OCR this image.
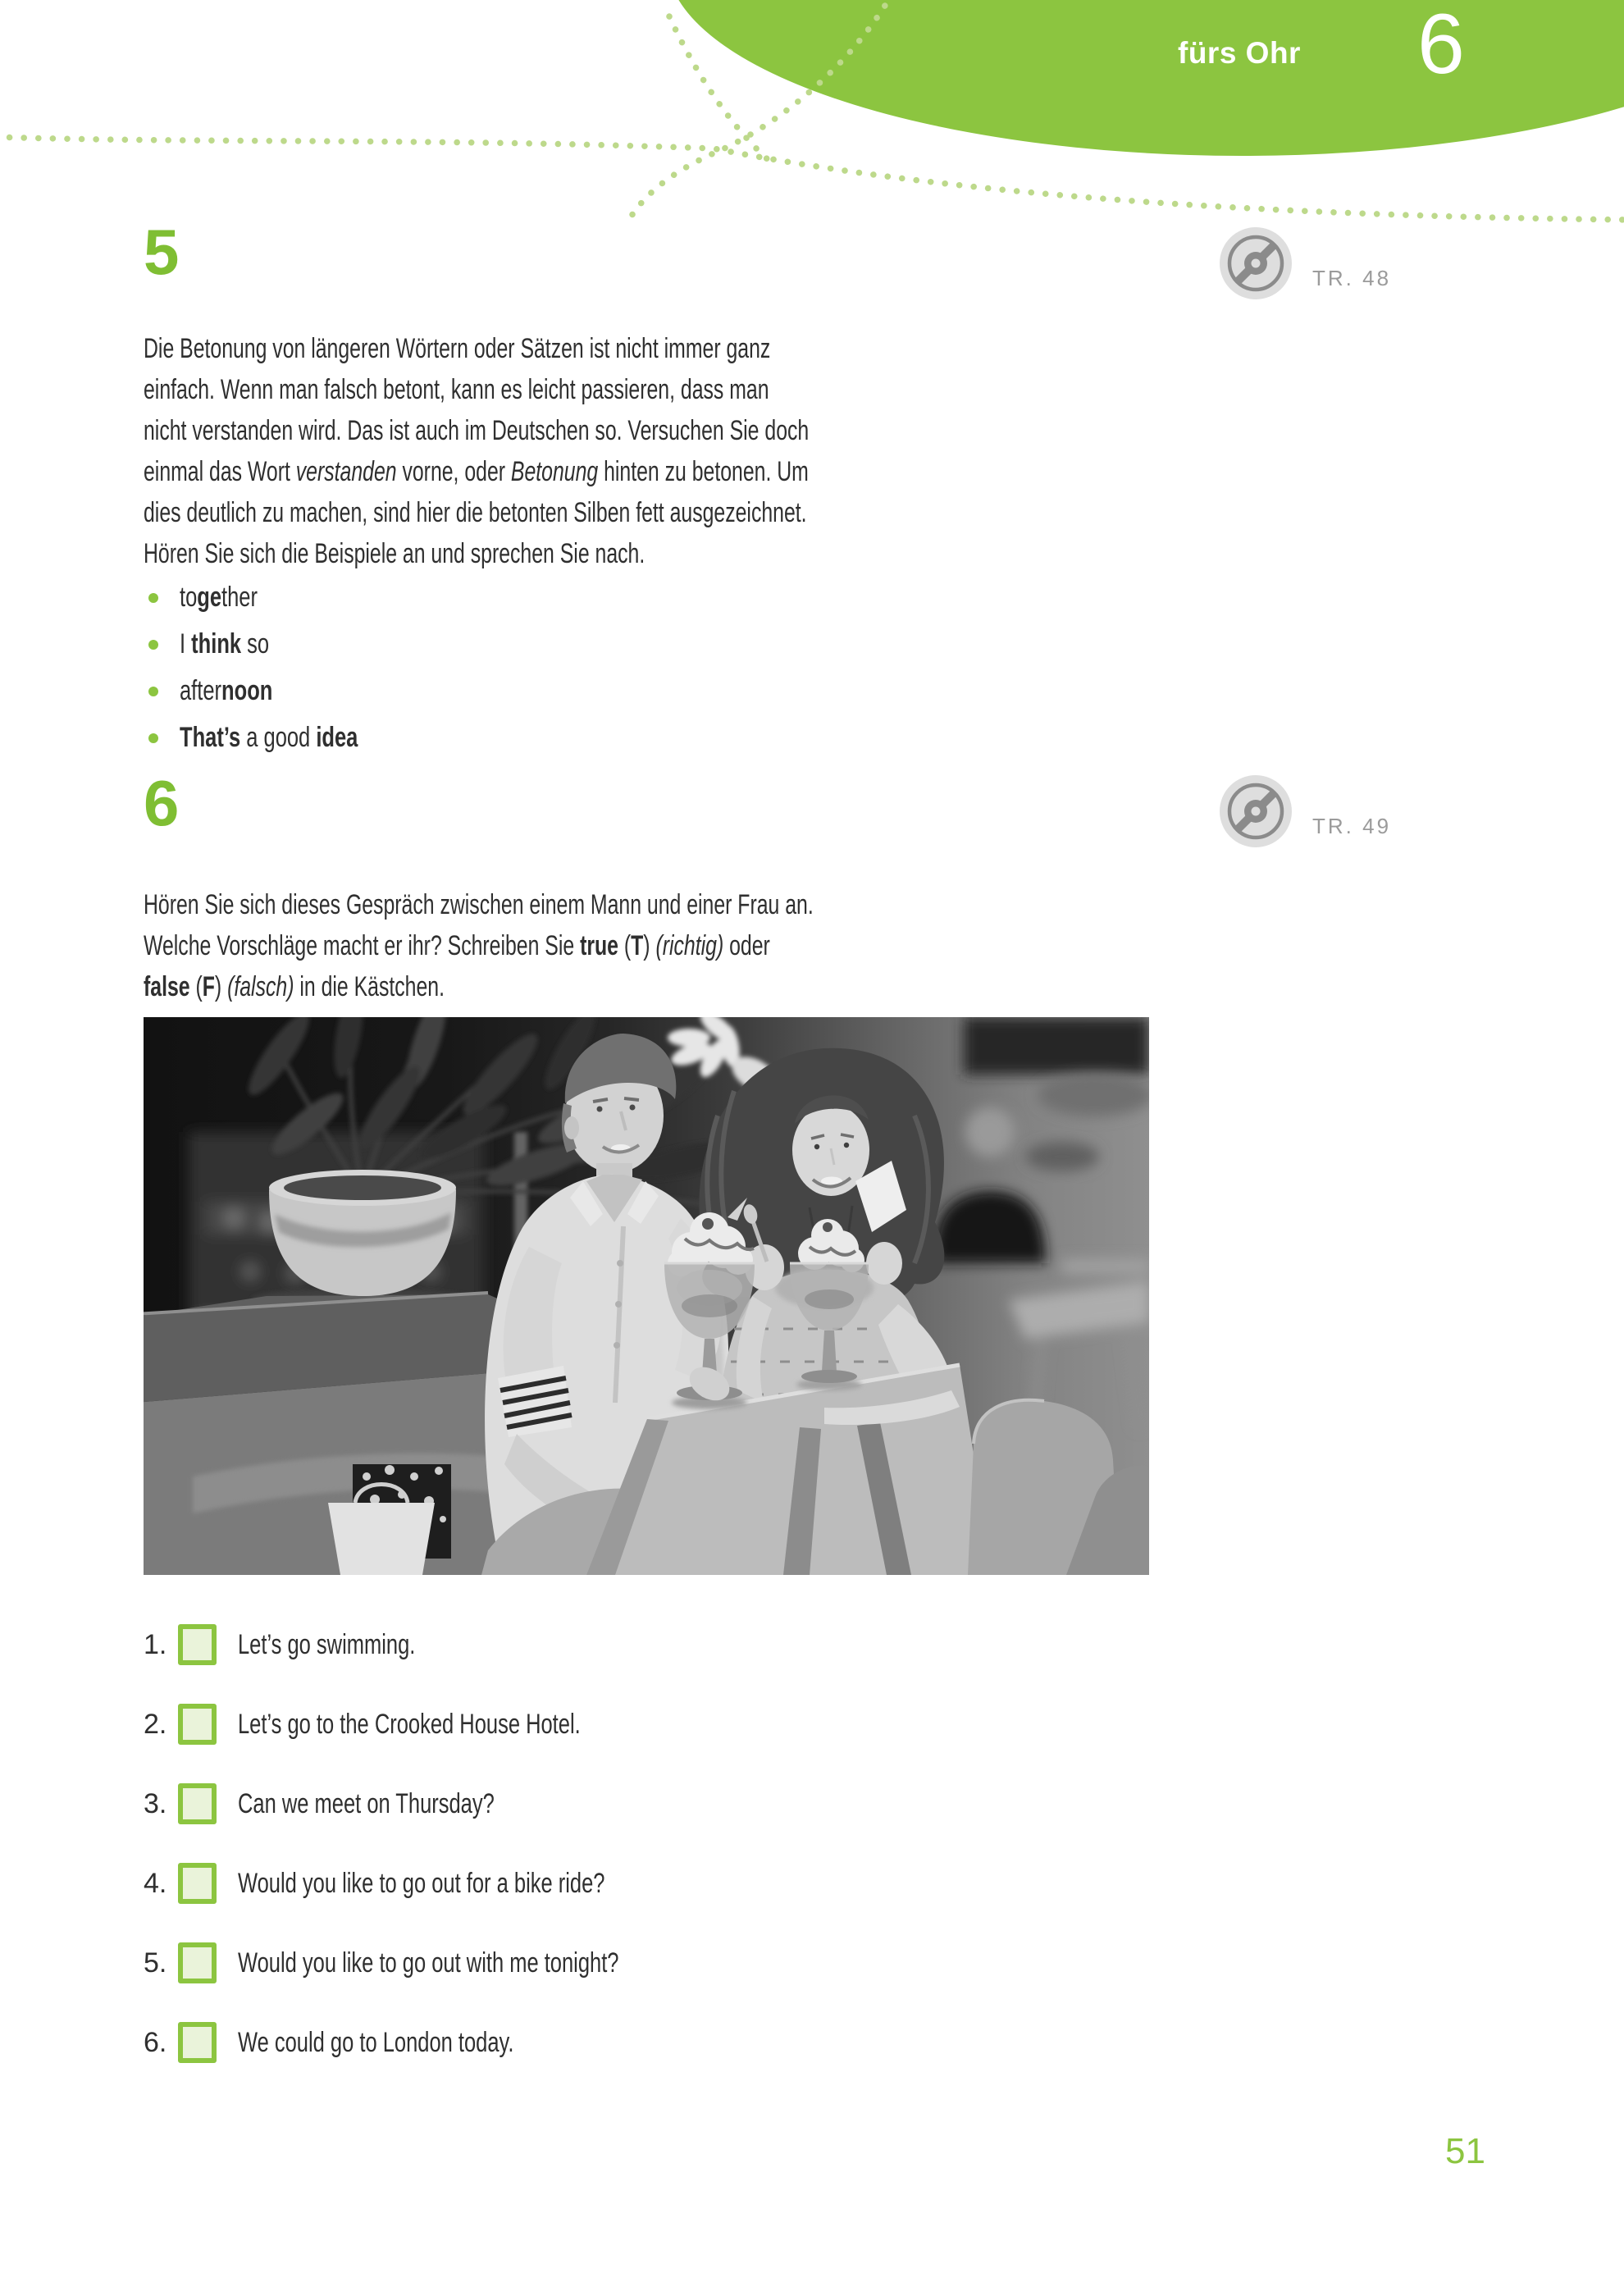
fürs Ohr 6
5	TR. 48
Die Betonung von längeren Wörtern oder Sätzen ist nicht immer ganz einfach. Wenn man falsch betont, kann es leicht passieren, dass man nicht verstanden wird. Das ist auch im Deutschen so. Versuchen Sie doch einmal das Wort verstanden vorne, oder Betonung hinten zu betonen. Um dies deutlich zu machen, sind hier die betonten Silben fett ausgezeichnet. Hören Sie sich die Beispiele an und sprechen Sie nach.
together
I think so
afternoon
That’s a good idea
6	TR. 49
Hören Sie sich dieses Gespräch zwischen einem Mann und einer Frau an. Welche Vorschläge macht er ihr? Schreiben Sie true (T) (richtig) oder false (F) (falsch) in die Kästchen.
1.	Let’s go swimming.
2.	Let’s go to the Crooked House Hotel.
3.	Can we meet on Thursday?
4.	Would you like to go out for a bike ride?
5.	Would you like to go out with me tonight?
6.	We could go to London today.
51
